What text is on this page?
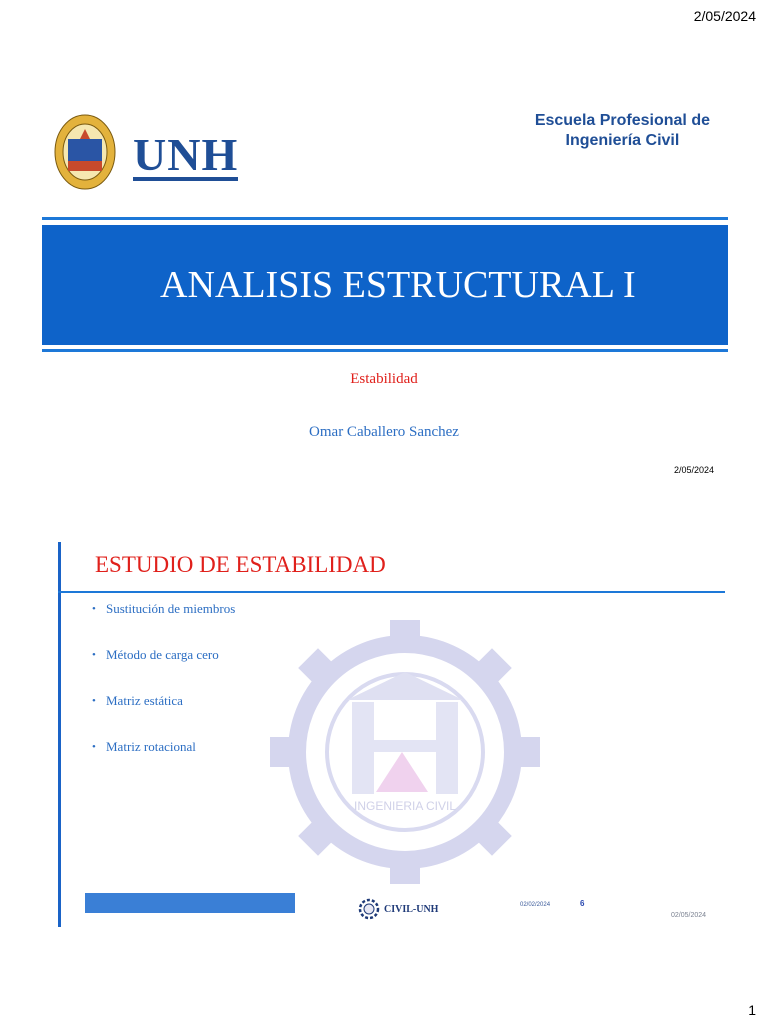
2/05/2024
UNH
Escuela Profesional de
Ingeniería Civil
ANALISIS ESTRUCTURAL I
Estabilidad
Omar Caballero Sanchez
2/05/2024
ESTUDIO DE ESTABILIDAD
INGENIERIA CIVIL
• Sustitución de miembros
• Método de carga cero
• Matriz estática
• Matriz rotacional
CIVIL-UNH	02/02/2024	6
02/05/2024
1
